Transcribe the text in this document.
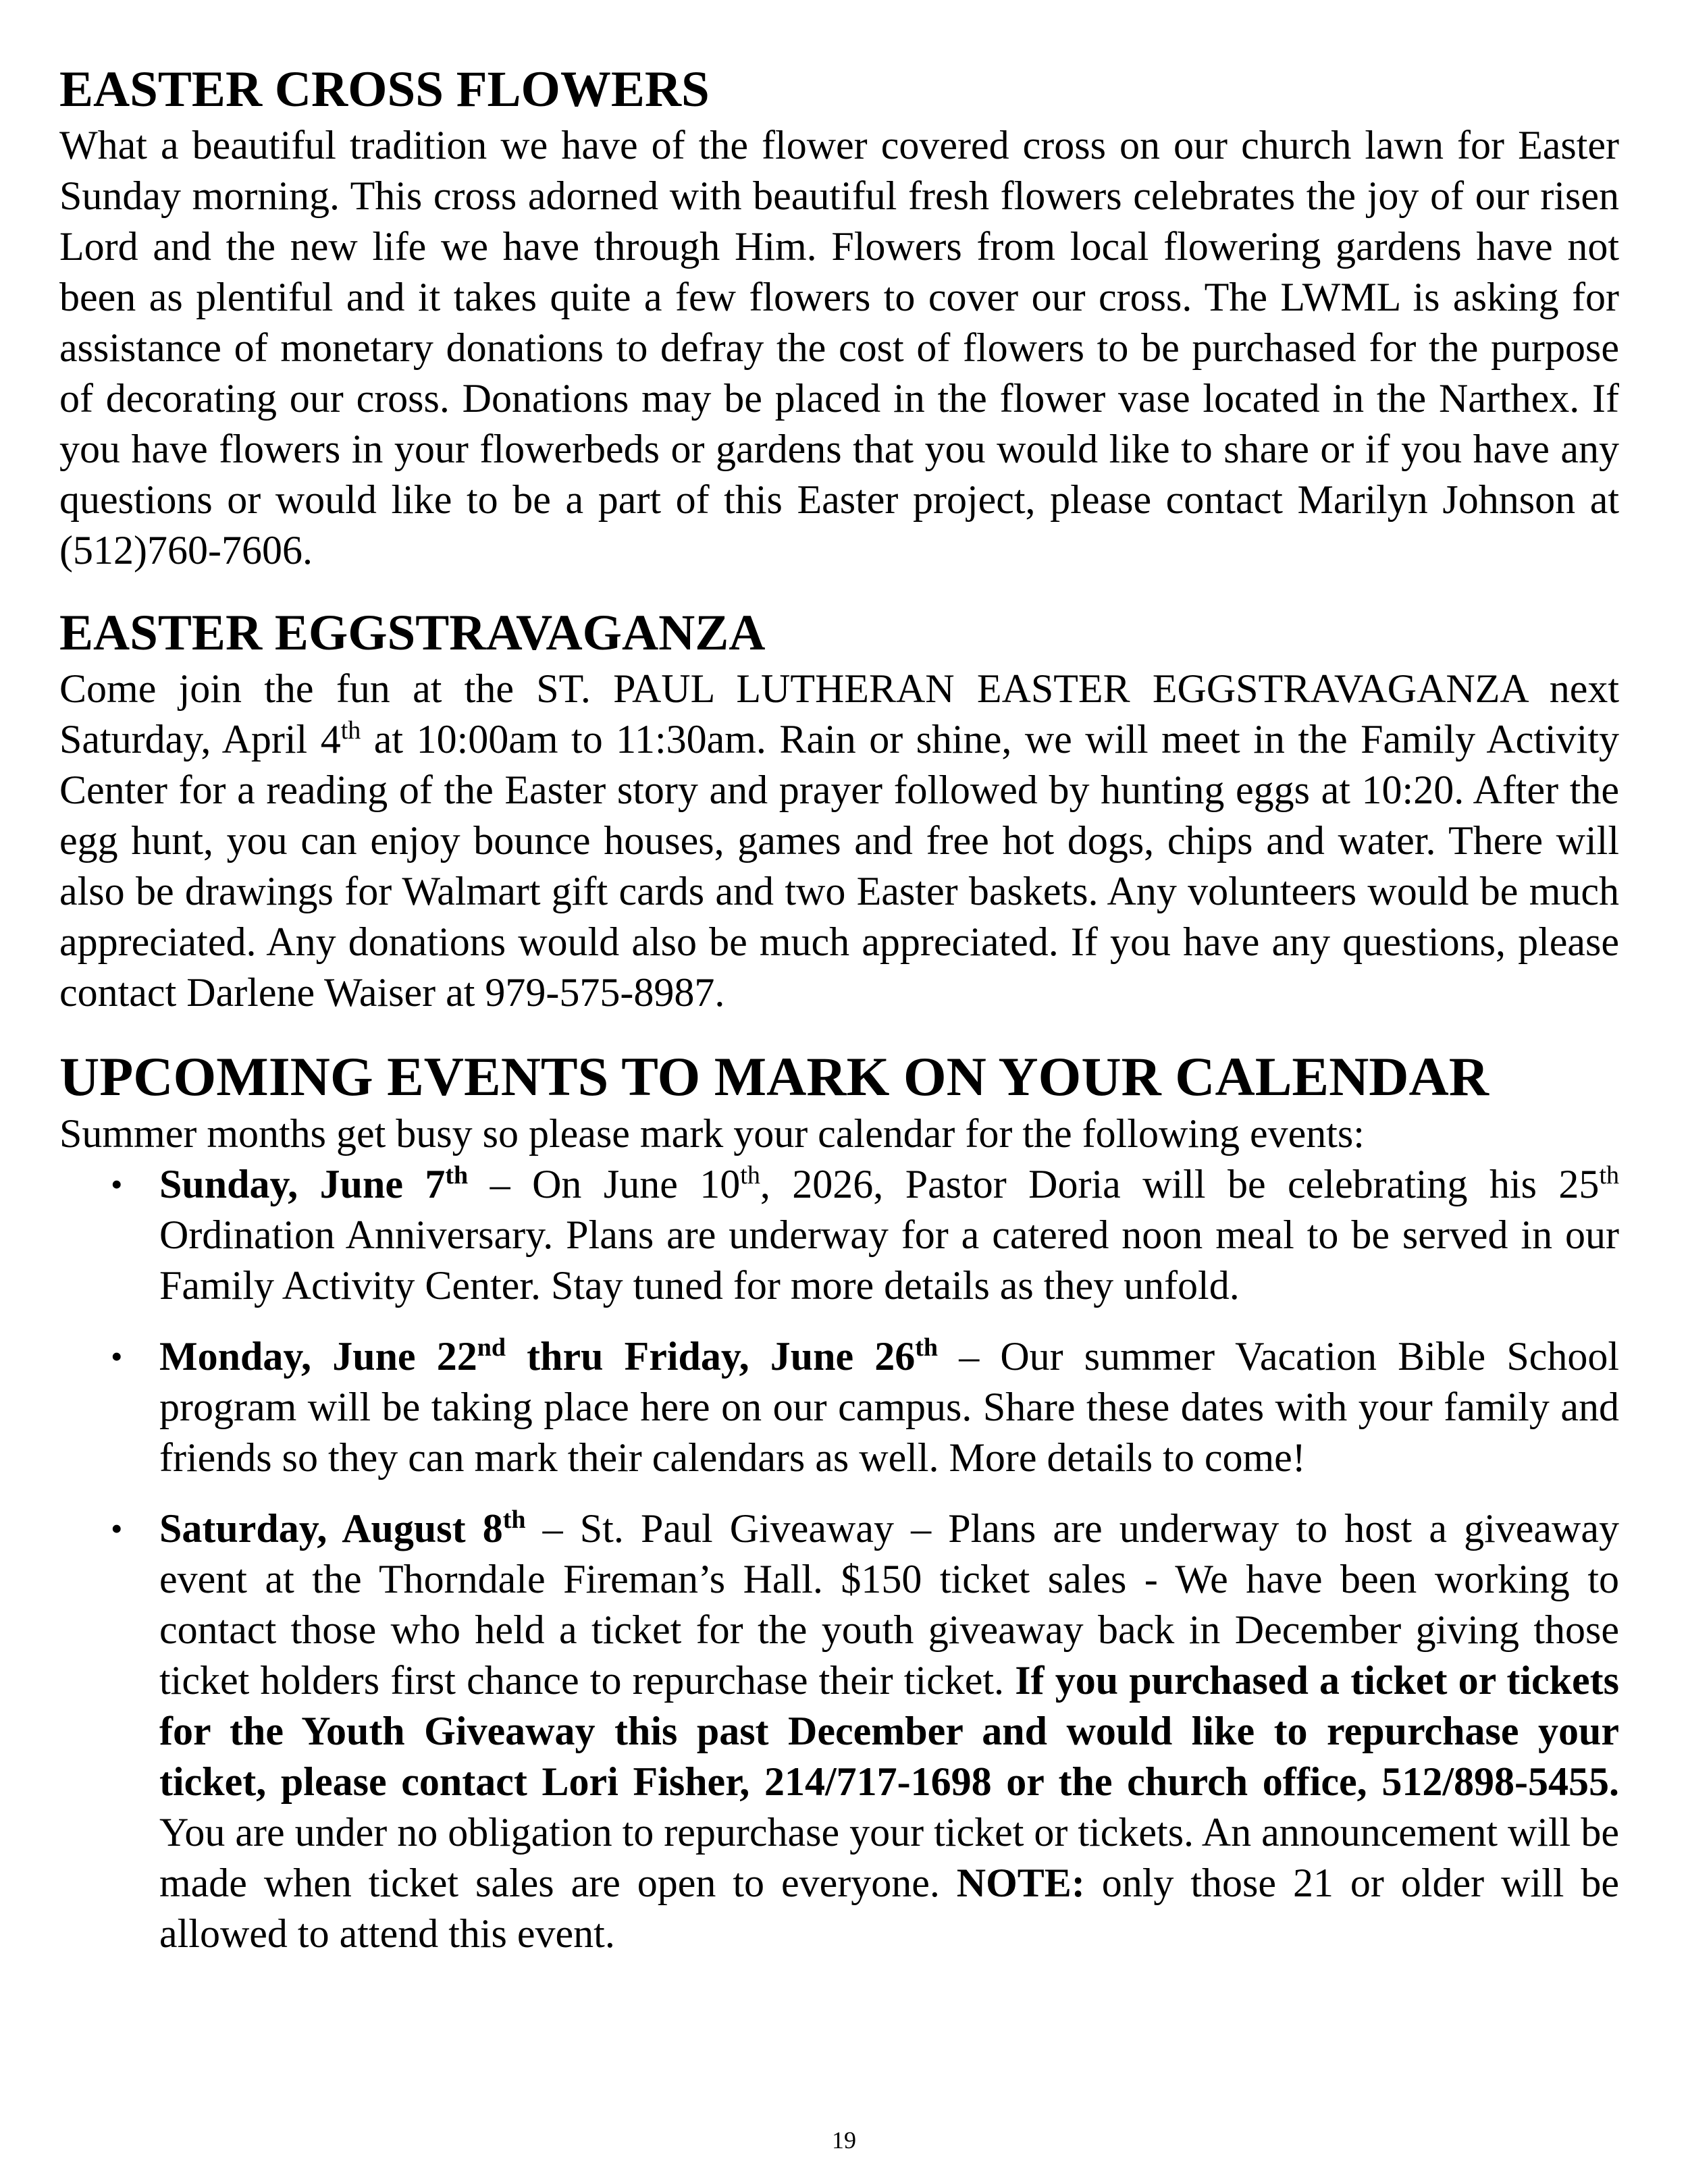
EASTER CROSS FLOWERS

What a beautiful tradition we have of the flower covered cross on our church lawn for Easter Sunday morning. This cross adorned with beautiful fresh flowers celebrates the joy of our risen Lord and the new life we have through Him. Flowers from local flowering gardens have not been as plentiful and it takes quite a few flowers to cover our cross. The LWML is asking for assistance of monetary donations to defray the cost of flowers to be purchased for the purpose of decorating our cross. Donations may be placed in the flower vase located in the Narthex. If you have flowers in your flowerbeds or gardens that you would like to share or if you have any questions or would like to be a part of this Easter project, please contact Marilyn Johnson at (512)760-7606.

EASTER EGGSTRAVAGANZA

Come join the fun at the ST. PAUL LUTHERAN EASTER EGGSTRAVAGANZA next Saturday, April 4th at 10:00am to 11:30am. Rain or shine, we will meet in the Family Activity Center for a reading of the Easter story and prayer followed by hunting eggs at 10:20. After the egg hunt, you can enjoy bounce houses, games and free hot dogs, chips and water. There will also be drawings for Walmart gift cards and two Easter baskets. Any volunteers would be much appreciated. Any donations would also be much appreciated. If you have any questions, please contact Darlene Waiser at 979-575-8987.

UPCOMING EVENTS TO MARK ON YOUR CALENDAR

Summer months get busy so please mark your calendar for the following events:

• Sunday, June 7th – On June 10th, 2026, Pastor Doria will be celebrating his 25th Ordination Anniversary. Plans are underway for a catered noon meal to be served in our Family Activity Center. Stay tuned for more details as they unfold.
• Monday, June 22nd thru Friday, June 26th – Our summer Vacation Bible School program will be taking place here on our campus. Share these dates with your family and friends so they can mark their calendars as well. More details to come!
• Saturday, August 8th – St. Paul Giveaway – Plans are underway to host a giveaway event at the Thorndale Fireman’s Hall. $150 ticket sales - We have been working to contact those who held a ticket for the youth giveaway back in December giving those ticket holders first chance to repurchase their ticket. If you purchased a ticket or tickets for the Youth Giveaway this past December and would like to repurchase your ticket, please contact Lori Fisher, 214/717-1698 or the church office, 512/898-5455. You are under no obligation to repurchase your ticket or tickets. An announcement will be made when ticket sales are open to everyone. NOTE: only those 21 or older will be allowed to attend this event.
19
